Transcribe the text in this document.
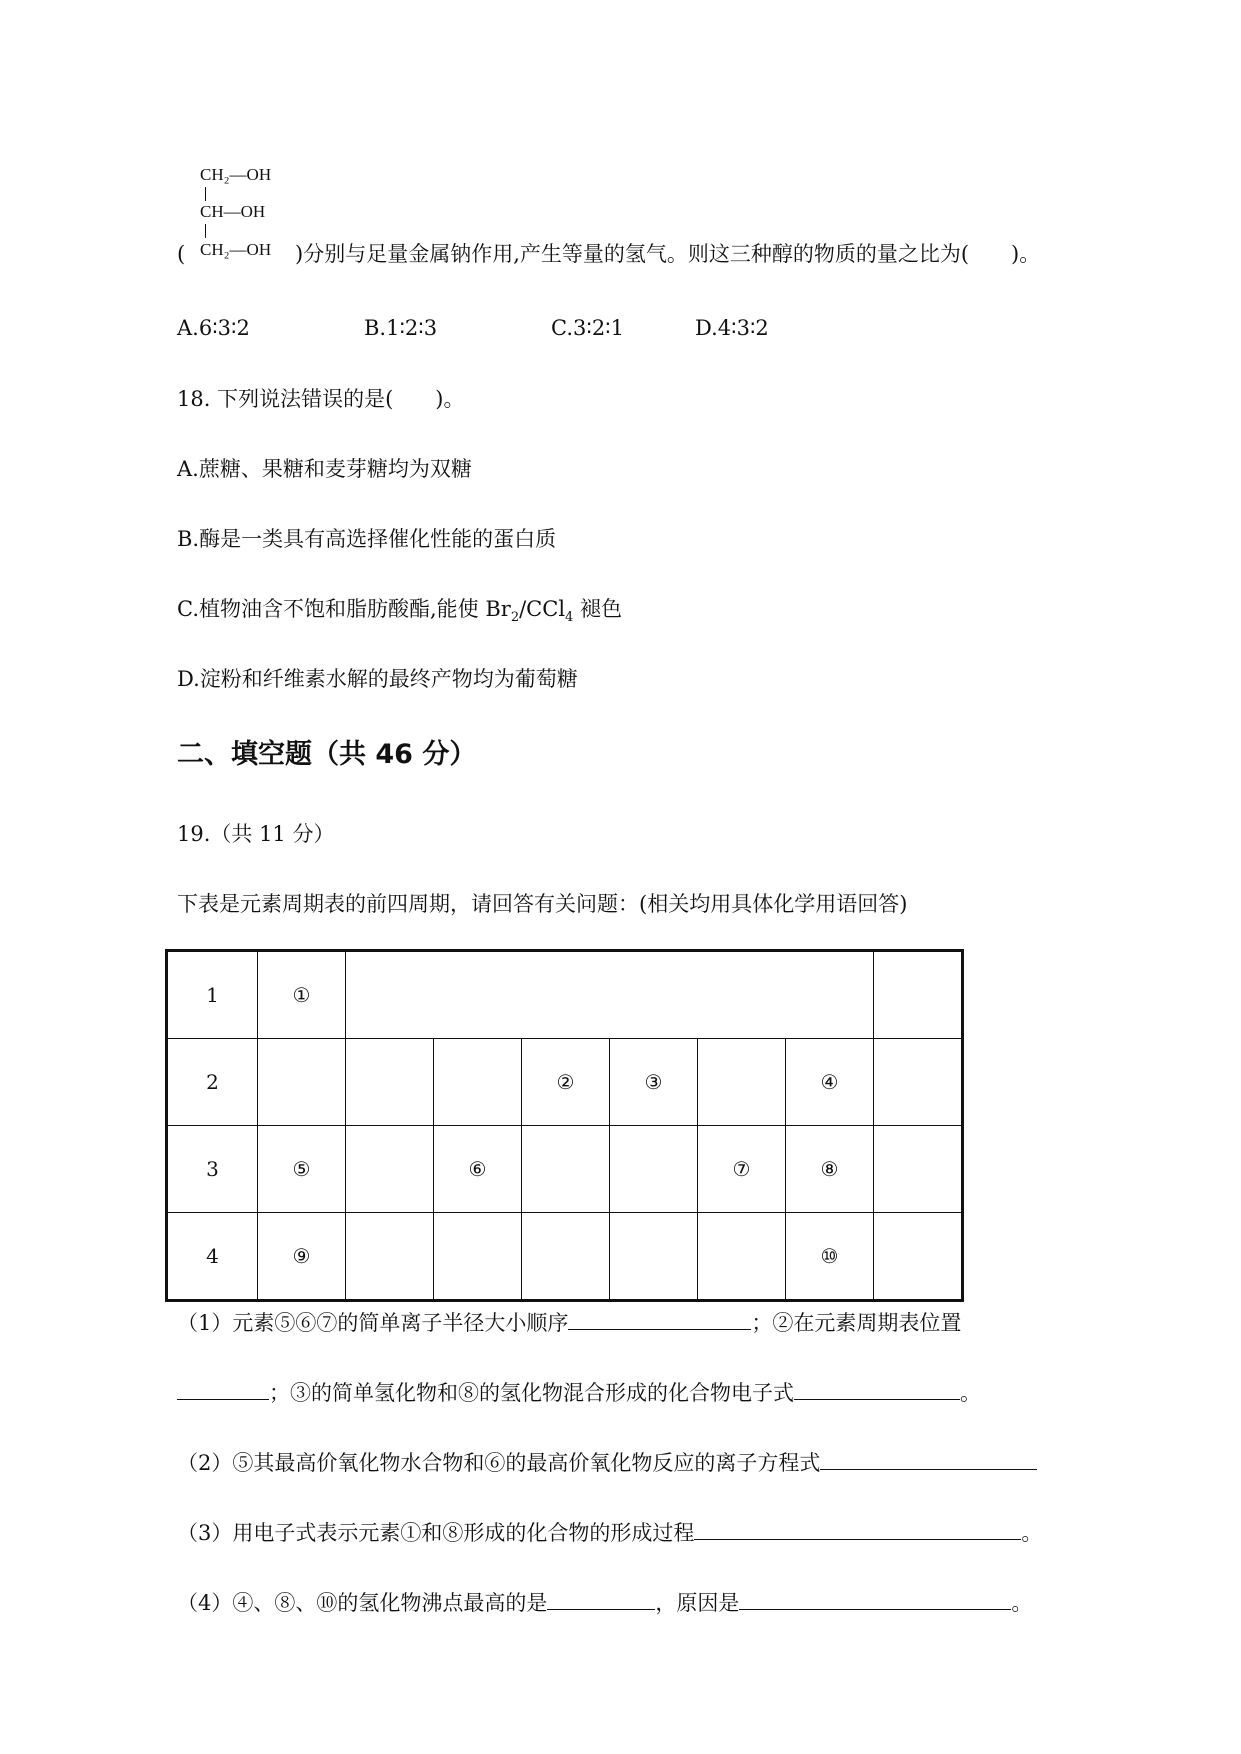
CH₂—OH
CH—OH
CH₂—OH
(	)分别与足量金属钠作用,产生等量的氢气。则这三种醇的物质的量之比为(　　)。
A.6∶3∶2	B.1∶2∶3	C.3∶2∶1	D.4∶3∶2
18. 下列说法错误的是(　　)。
A.蔗糖、果糖和麦芽糖均为双糖
B.酶是一类具有高选择催化性能的蛋白质
C.植物油含不饱和脂肪酸酯,能使 $Br_2/CCl_4$ 褪色
D.淀粉和纤维素水解的最终产物均为葡萄糖
二、填空题（共 46 分）
19.（共 11 分）
下表是元素周期表的前四周期，请回答有关问题：(相关均用具体化学用语回答)
1	①							
2				②	③		④	
3	⑤		⑥			⑦	⑧	
4	⑨						⑩	
（1）元素⑤⑥⑦的简单离子半径大小顺序	；②在元素周期表位置
；③的简单氢化物和⑧的氢化物混合形成的化合物电子式	。
（2）⑤其最高价氧化物水合物和⑥的最高价氧化物反应的离子方程式
（3）用电子式表示元素①和⑧形成的化合物的形成过程	。
（4）④、⑧、⑩的氢化物沸点最高的是	，原因是	。
